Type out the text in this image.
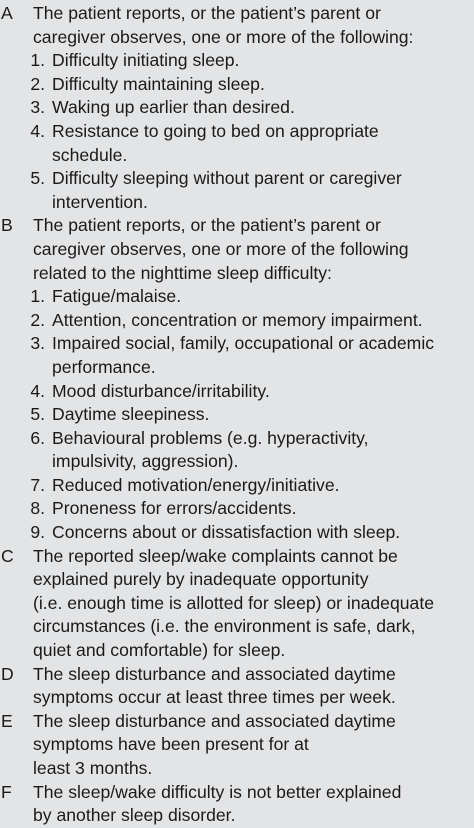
A The patient reports, or the patient’s parent or
caregiver observes, one or more of the following:
1. Difficulty initiating sleep.
2. Difficulty maintaining sleep.
3. Waking up earlier than desired.
4. Resistance to going to bed on appropriate
schedule.
5. Difficulty sleeping without parent or caregiver
intervention.
B The patient reports, or the patient’s parent or
caregiver observes, one or more of the following
related to the nighttime sleep difficulty:
1. Fatigue/malaise.
2. Attention, concentration or memory impairment.
3. Impaired social, family, occupational or academic
performance.
4. Mood disturbance/irritability.
5. Daytime sleepiness.
6. Behavioural problems (e.g. hyperactivity,
impulsivity, aggression).
7. Reduced motivation/energy/initiative.
8. Proneness for errors/accidents.
9. Concerns about or dissatisfaction with sleep.
C The reported sleep/wake complaints cannot be
explained purely by inadequate opportunity
(i.e. enough time is allotted for sleep) or inadequate
circumstances (i.e. the environment is safe, dark,
quiet and comfortable) for sleep.
D The sleep disturbance and associated daytime
symptoms occur at least three times per week.
E The sleep disturbance and associated daytime
symptoms have been present for at
least 3 months.
F The sleep/wake difficulty is not better explained
by another sleep disorder.
